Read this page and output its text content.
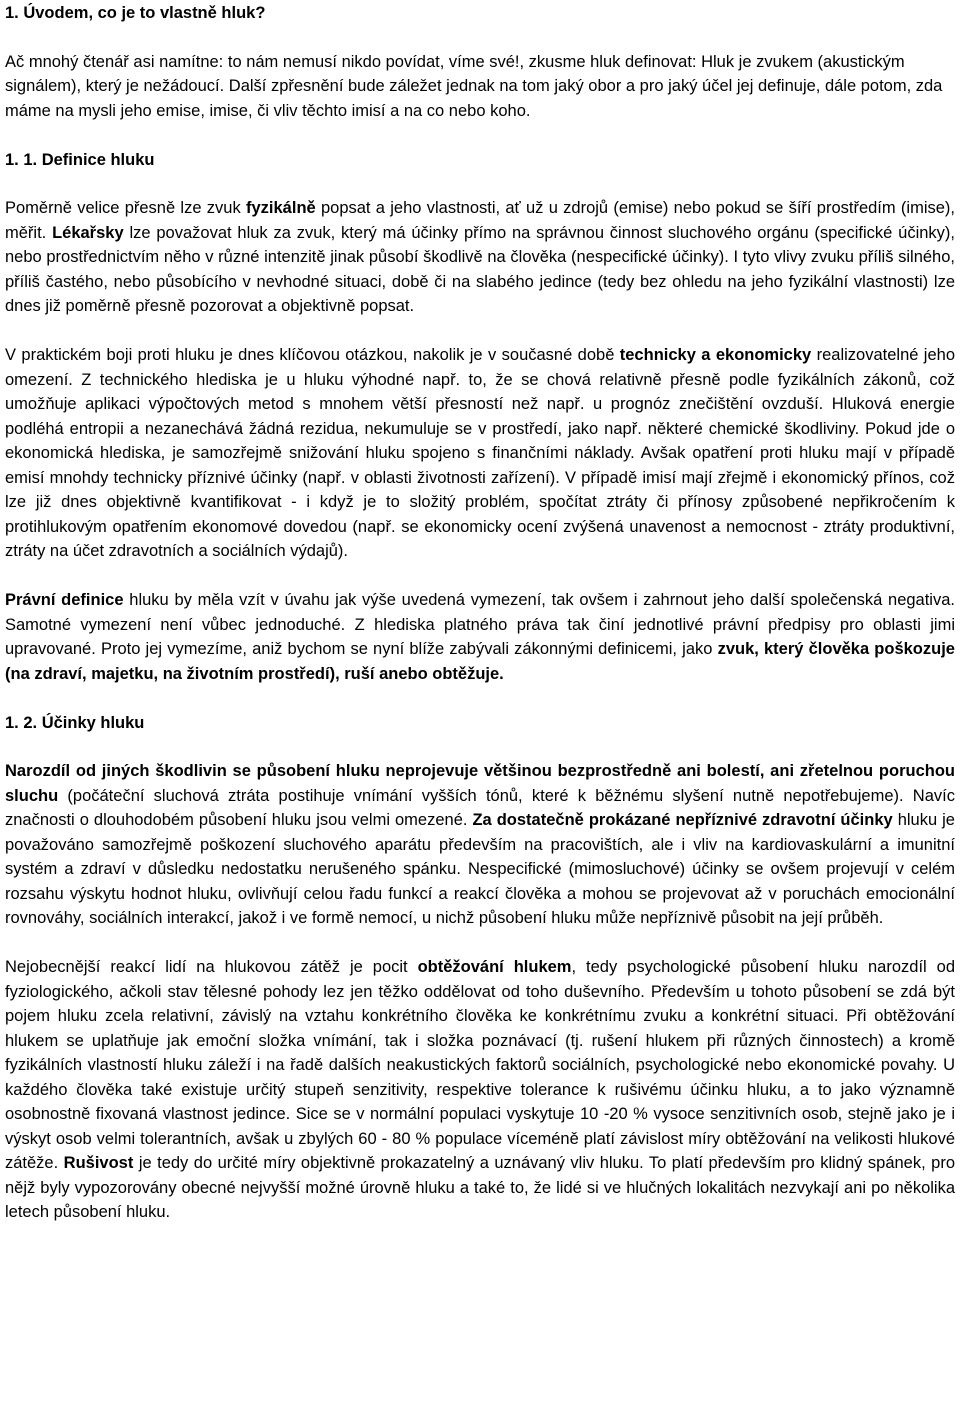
1. Úvodem, co je to vlastně hluk?

Ač mnohý čtenář asi namítne: to nám nemusí nikdo povídat, víme své!, zkusme hluk definovat: Hluk je zvukem (akustickým signálem), který je nežádoucí. Další zpřesnění bude záležet jednak na tom jaký obor a pro jaký účel jej definuje, dále potom, zda máme na mysli jeho emise, imise, či vliv těchto imisí a na co nebo koho.

1. 1. Definice hluku

Poměrně velice přesně lze zvuk fyzikálně popsat a jeho vlastnosti, ať už u zdrojů (emise) nebo pokud se šíří prostředím (imise), měřit. Lékařsky lze považovat hluk za zvuk, který má účinky přímo na správnou činnost sluchového orgánu (specifické účinky), nebo prostřednictvím něho v různé intenzitě jinak působí škodlivě na člověka (nespecifické účinky). I tyto vlivy zvuku příliš silného, příliš častého, nebo působícího v nevhodné situaci, době či na slabého jedince (tedy bez ohledu na jeho fyzikální vlastnosti) lze dnes již poměrně přesně pozorovat a objektivně popsat.

V praktickém boji proti hluku je dnes klíčovou otázkou, nakolik je v současné době technicky a ekonomicky realizovatelné jeho omezení. Z technického hlediska je u hluku výhodné např. to, že se chová relativně přesně podle fyzikálních zákonů, což umožňuje aplikaci výpočtových metod s mnohem větší přesností než např. u prognóz znečištění ovzduší. Hluková energie podléhá entropii a nezanechává žádná rezidua, nekumuluje se v prostředí, jako např. některé chemické škodliviny. Pokud jde o ekonomická hlediska, je samozřejmě snižování hluku spojeno s finančními náklady. Avšak opatření proti hluku mají v případě emisí mnohdy technicky příznivé účinky (např. v oblasti životnosti zařízení). V případě imisí mají zřejmě i ekonomický přínos, což lze již dnes objektivně kvantifikovat - i když je to složitý problém, spočítat ztráty či přínosy způsobené nepřikročením k protihlukovým opatřením ekonomové dovedou (např. se ekonomicky ocení zvýšená unavenost a nemocnost - ztráty produktivní, ztráty na účet zdravotních a sociálních výdajů).

Právní definice hluku by měla vzít v úvahu jak výše uvedená vymezení, tak ovšem i zahrnout jeho další společenská negativa. Samotné vymezení není vůbec jednoduché. Z hlediska platného práva tak činí jednotlivé právní předpisy pro oblasti jimi upravované. Proto jej vymezíme, aniž bychom se nyní blíže zabývali zákonnými definicemi, jako zvuk, který člověka poškozuje (na zdraví, majetku, na životním prostředí), ruší anebo obtěžuje.

1. 2. Účinky hluku

Narozdíl od jiných škodlivin se působení hluku neprojevuje většinou bezprostředně ani bolestí, ani zřetelnou poruchou sluchu (počáteční sluchová ztráta postihuje vnímání vyšších tónů, které k běžnému slyšení nutně nepotřebujeme). Navíc značnosti o dlouhodobém působení hluku jsou velmi omezené. Za dostatečně prokázané nepříznivé zdravotní účinky hluku je považováno samozřejmě poškození sluchového aparátu především na pracovištích, ale i vliv na kardiovaskulární a imunitní systém a zdraví v důsledku nedostatku nerušeného spánku. Nespecifické (mimosluchové) účinky se ovšem projevují v celém rozsahu výskytu hodnot hluku, ovlivňují celou řadu funkcí a reakcí člověka a mohou se projevovat až v poruchách emocionální rovnováhy, sociálních interakcí, jakož i ve formě nemocí, u nichž působení hluku může nepříznivě působit na její průběh.

Nejobecnější reakcí lidí na hlukovou zátěž je pocit obtěžování hlukem, tedy psychologické působení hluku narozdíl od fyziologického, ačkoli stav tělesné pohody lez jen těžko oddělovat od toho duševního. Především u tohoto působení se zdá být pojem hluku zcela relativní, závislý na vztahu konkrétního člověka ke konkrétnímu zvuku a konkrétní situaci. Při obtěžování hlukem se uplatňuje jak emoční složka vnímání, tak i složka poznávací (tj. rušení hlukem při různých činnostech) a kromě fyzikálních vlastností hluku záleží i na řadě dalších neakustických faktorů sociálních, psychologické nebo ekonomické povahy. U každého člověka také existuje určitý stupeň senzitivity, respektive tolerance k rušivému účinku hluku, a to jako významně osobnostně fixovaná vlastnost jedince. Sice se v normální populaci vyskytuje 10 -20 % vysoce senzitivních osob, stejně jako je i výskyt osob velmi tolerantních, avšak u zbylých 60 - 80 % populace víceméně platí závislost míry obtěžování na velikosti hlukové zátěže. Rušivost je tedy do určité míry objektivně prokazatelný a uznávaný vliv hluku. To platí především pro klidný spánek, pro nějž byly vypozorovány obecné nejvyšší možné úrovně hluku a také to, že lidé si ve hlučných lokalitách nezvykají ani po několika letech působení hluku.
